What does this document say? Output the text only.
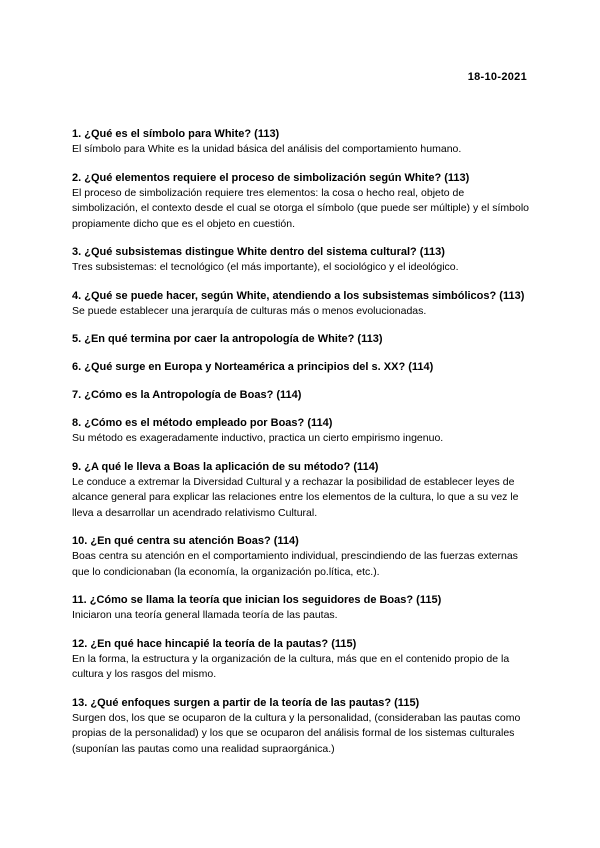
18-10-2021

1. ¿Qué es el símbolo para White? (113)

El símbolo para White es la unidad básica del análisis del comportamiento humano.

2. ¿Qué elementos requiere el proceso de simbolización según White? (113)

El proceso de simbolización requiere tres elementos: la cosa o hecho real, objeto de simbolización, el contexto desde el cual se otorga el símbolo (que puede ser múltiple) y el símbolo propiamente dicho que es el objeto en cuestión.

3. ¿Qué subsistemas distingue White dentro del sistema cultural? (113)

Tres subsistemas: el tecnológico (el más importante), el sociológico y el ideológico.

4. ¿Qué se puede hacer, según White, atendiendo a los subsistemas simbólicos? (113)

Se puede establecer una jerarquía de culturas más o menos evolucionadas.

5. ¿En qué termina por caer la antropología de White? (113)

6. ¿Qué surge en Europa y Norteamérica a principios del s. XX? (114)

7. ¿Cómo es la Antropología de Boas? (114)

8. ¿Cómo es el método empleado por Boas? (114)

Su método es exageradamente inductivo, practica un cierto empirismo ingenuo.

9. ¿A qué le lleva a Boas la aplicación de su método? (114)

Le conduce a extremar la Diversidad Cultural y a rechazar la posibilidad de establecer leyes de alcance general para explicar las relaciones entre los elementos de la cultura, lo que a su vez le lleva a desarrollar un acendrado relativismo Cultural.

10. ¿En qué centra su atención Boas? (114)

Boas centra su atención en el comportamiento individual, prescindiendo de las fuerzas externas que lo condicionaban (la economía, la organización po.lítica, etc.).

11. ¿Cómo se llama la teoría que inician los seguidores de Boas? (115)

Iniciaron una teoría general llamada teoría de las pautas.

12. ¿En qué hace hincapié la teoría de la pautas? (115)

En la forma, la estructura y la organización de la cultura, más que en el contenido propio de la cultura y los rasgos del mismo.

13. ¿Qué enfoques surgen a partir de la teoría de las pautas? (115)

Surgen dos, los que se ocuparon de la cultura y la personalidad, (consideraban las pautas como propias de la personalidad) y los que se ocuparon del análisis formal de los sistemas culturales (suponían las pautas como una realidad supraorgánica.)
